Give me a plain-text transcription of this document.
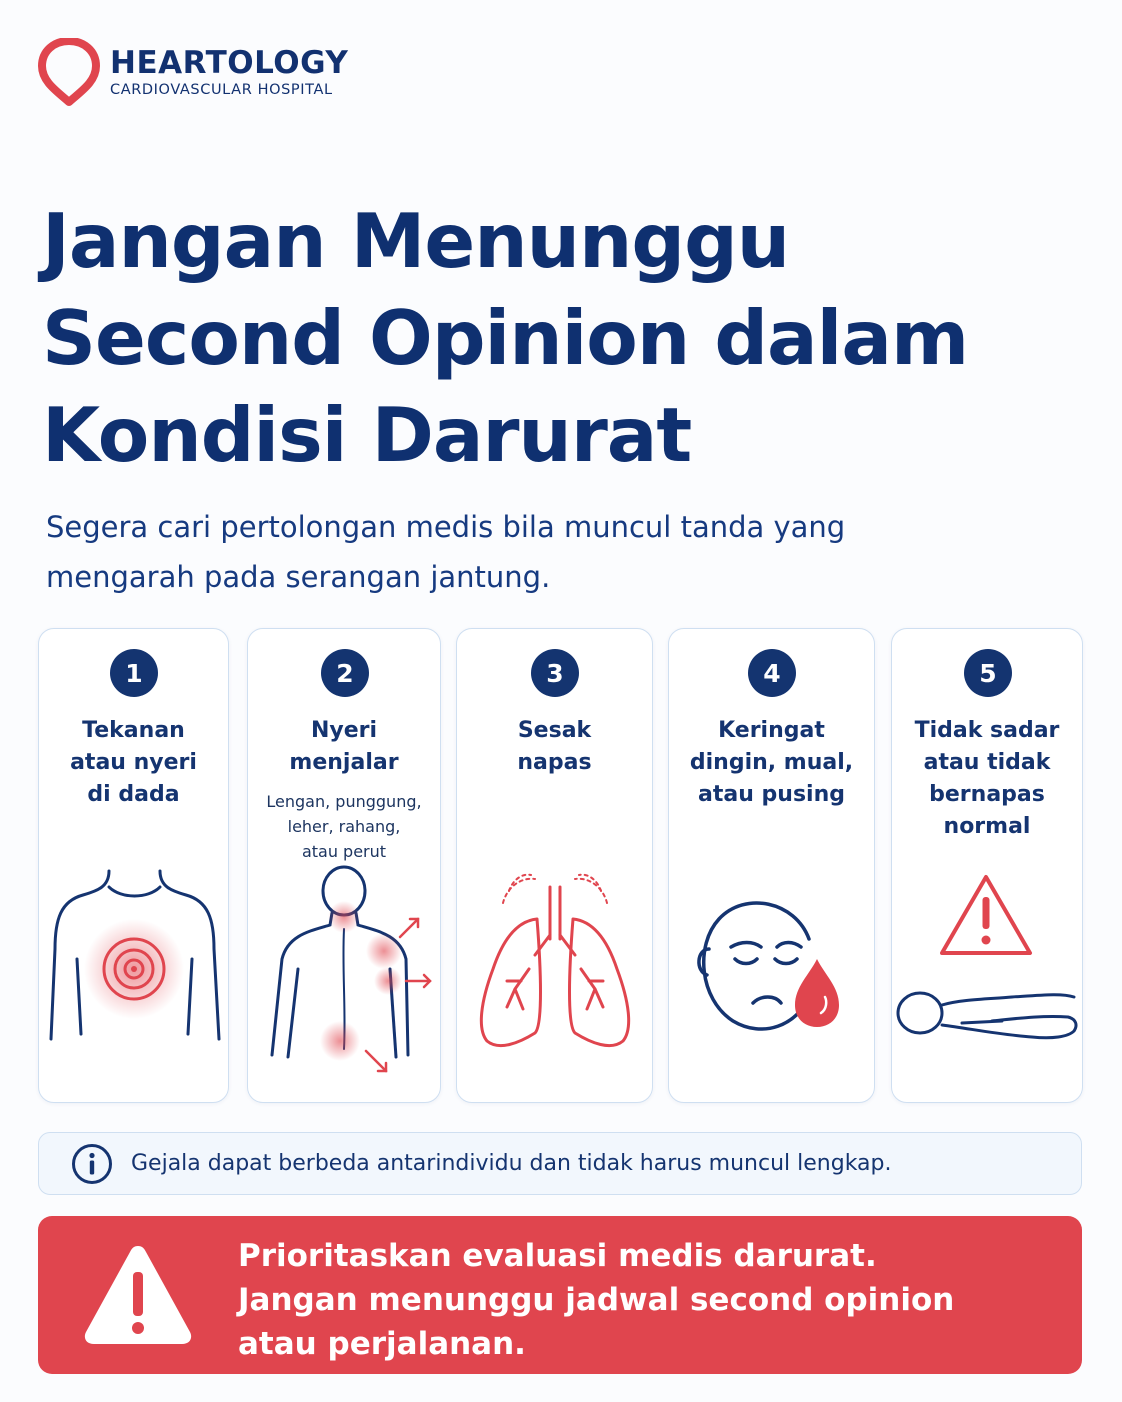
HEARTOLOGY
CARDIOVASCULAR HOSPITAL
Jangan Menunggu
Second Opinion dalam
Kondisi Darurat

Segera cari pertolongan medis bila muncul tanda yang mengarah pada serangan jantung.

1
Tekanan
atau nyeri
di dada
2
Nyeri
menjalar
Lengan, punggung,
leher, rahang,
atau perut
3
Sesak
napas
4
Keringat
dingin, mual,
atau pusing
5
Tidak sadar
atau tidak
bernapas
normal
Gejala dapat berbeda antarindividu dan tidak harus muncul lengkap.
Prioritaskan evaluasi medis darurat.
Jangan menunggu jadwal second opinion
atau perjalanan.
